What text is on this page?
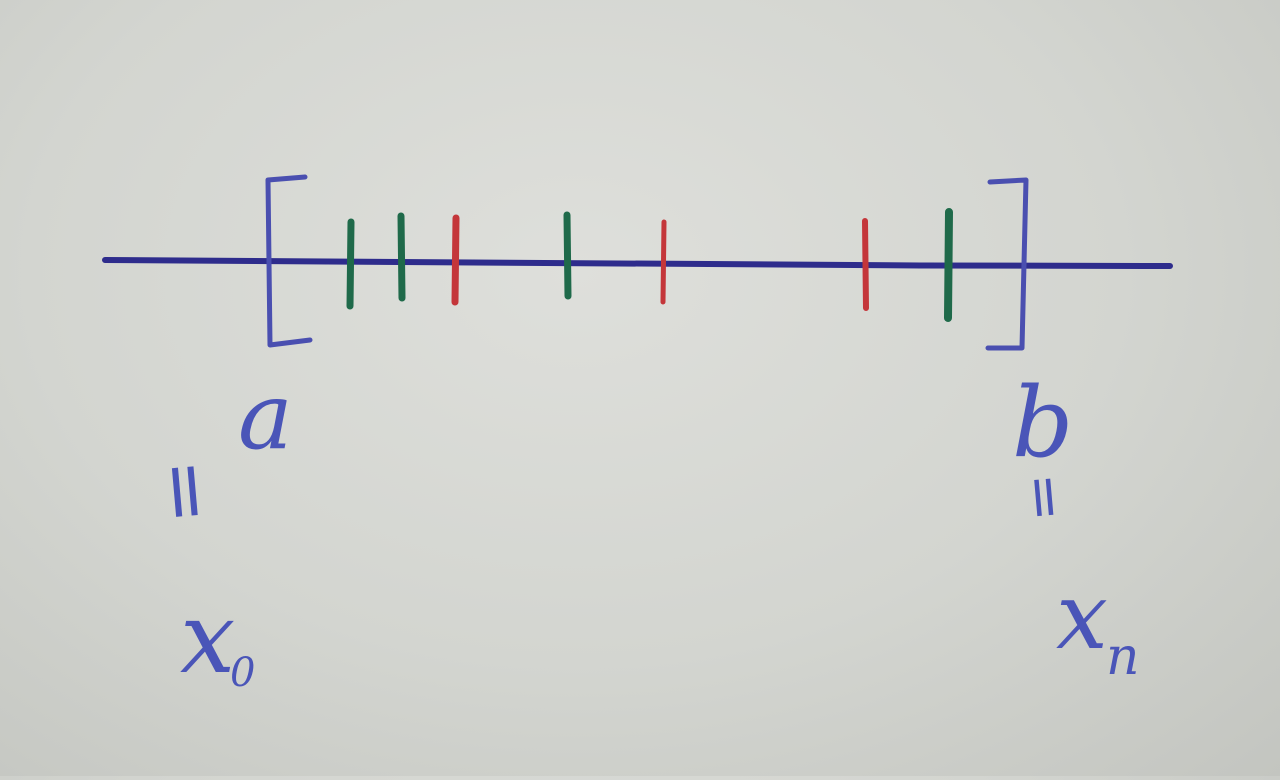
a
=
x
0
b
=
x
n
